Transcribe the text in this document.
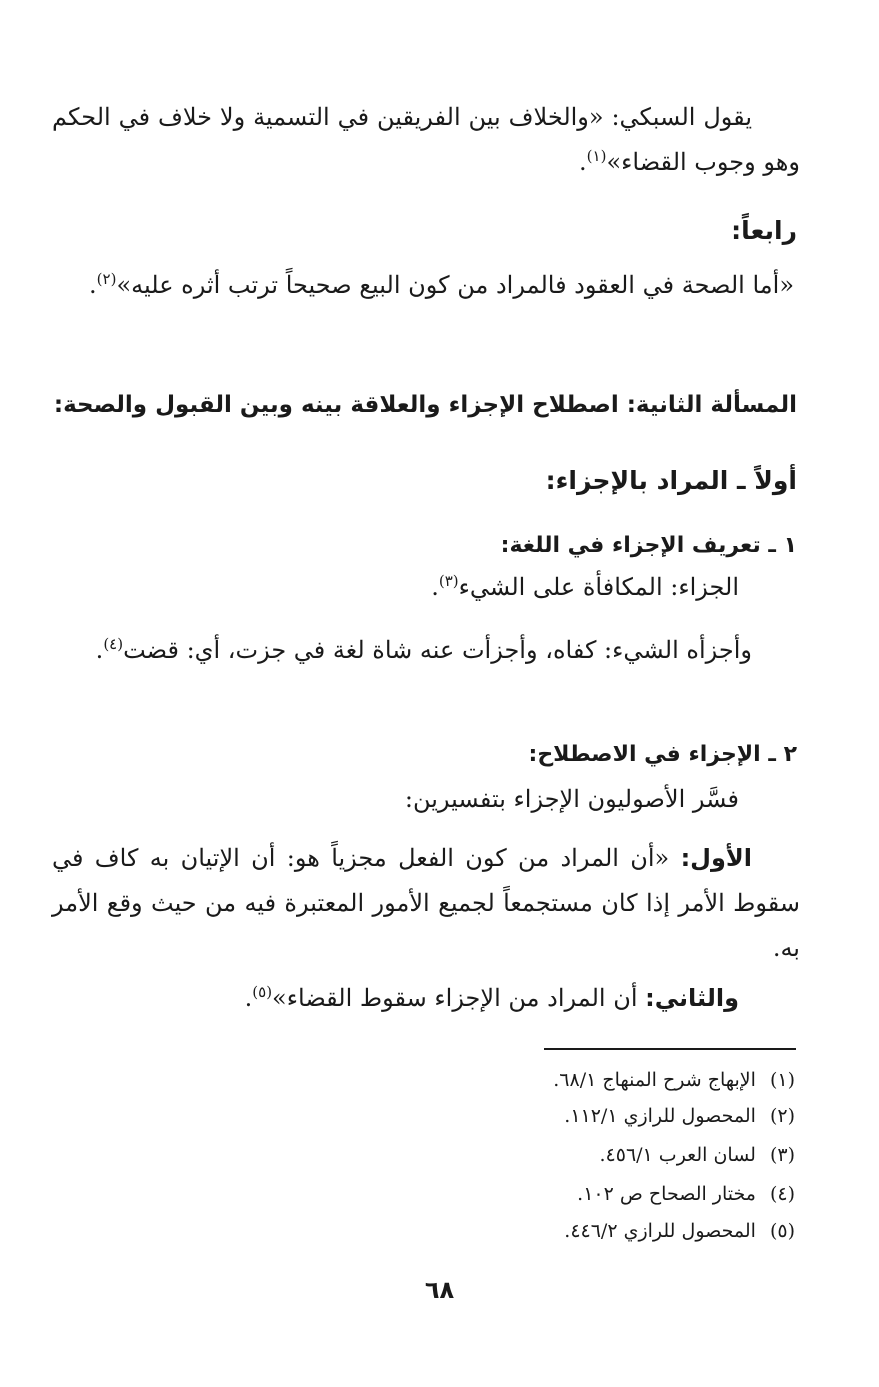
يقول السبكي: «والخلاف بين الفريقين في التسمية ولا خلاف في الحكم وهو وجوب القضاء»$^{(١)}$.

رابعاً:

«أما الصحة في العقود فالمراد من كون البيع صحيحاً ترتب أثره عليه»$^{(٢)}$.

المسألة الثانية: اصطلاح الإجزاء والعلاقة بينه وبين القبول والصحة:
أولاً ـ المراد بالإجزاء:
١ ـ تعريف الإجزاء في اللغة:

الجزاء: المكافأة على الشيء$^{(٣)}$.

وأجزأه الشيء: كفاه، وأجزأت عنه شاة لغة في جزت، أي: قضت$^{(٤)}$.

٢ ـ الإجزاء في الاصطلاح:

فسَّر الأصوليون الإجزاء بتفسيرين:

الأول: «أن المراد من كون الفعل مجزياً هو: أن الإتيان به كاف في سقوط الأمر إذا كان مستجمعاً لجميع الأمور المعتبرة فيه من حيث وقع الأمر به.

والثاني: أن المراد من الإجزاء سقوط القضاء»$^{(٥)}$.

(١)الإبهاج شرح المنهاج ٦٨/١.
(٢)المحصول للرازي ١١٢/١.
(٣)لسان العرب ٤٥٦/١.
(٤)مختار الصحاح ص ١٠٢.
(٥)المحصول للرازي ٤٤٦/٢.
٦٨
